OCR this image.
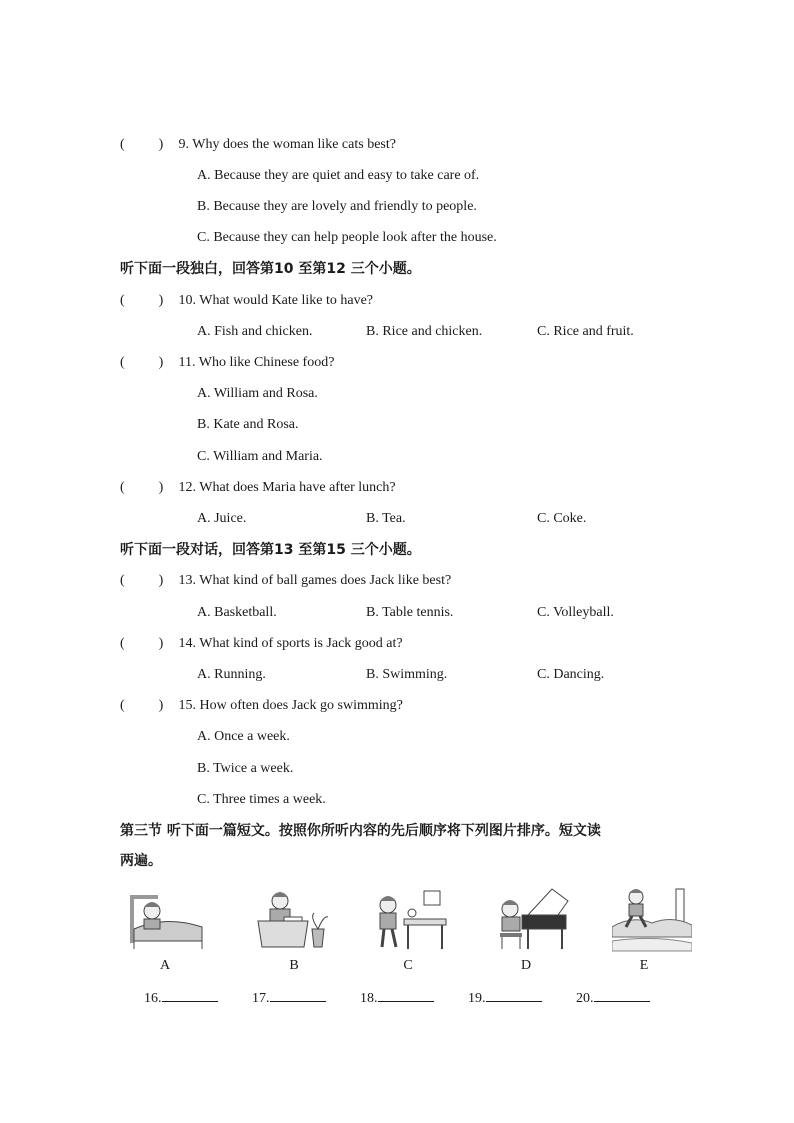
( ) 9. Why does the woman like cats best?
A. Because they are quiet and easy to take care of.
B. Because they are lovely and friendly to people.
C. Because they can help people look after the house.
听下面一段独白，回答第10 至第12 三个小题。
( ) 10. What would Kate like to have?
A. Fish and chicken.	B. Rice and chicken.	C. Rice and fruit.
( ) 11. Who like Chinese food?
A. William and Rosa.
B. Kate and Rosa.
C. William and Maria.
( ) 12. What does Maria have after lunch?
A. Juice.	B. Tea.	C. Coke.
听下面一段对话，回答第13 至第15 三个小题。
( ) 13. What kind of ball games does Jack like best?
A. Basketball.	B. Table tennis.	C. Volleyball.
( ) 14. What kind of sports is Jack good at?
A. Running.	B. Swimming.	C. Dancing.
( ) 15. How often does Jack go swimming?
A. Once a week.
B. Twice a week.
C. Three times a week.
第三节 听下面一篇短文。按照你所听内容的先后顺序将下列图片排序。短文读
两遍。
A	B	C	D	E
16.	17.	18.	19.	20.
